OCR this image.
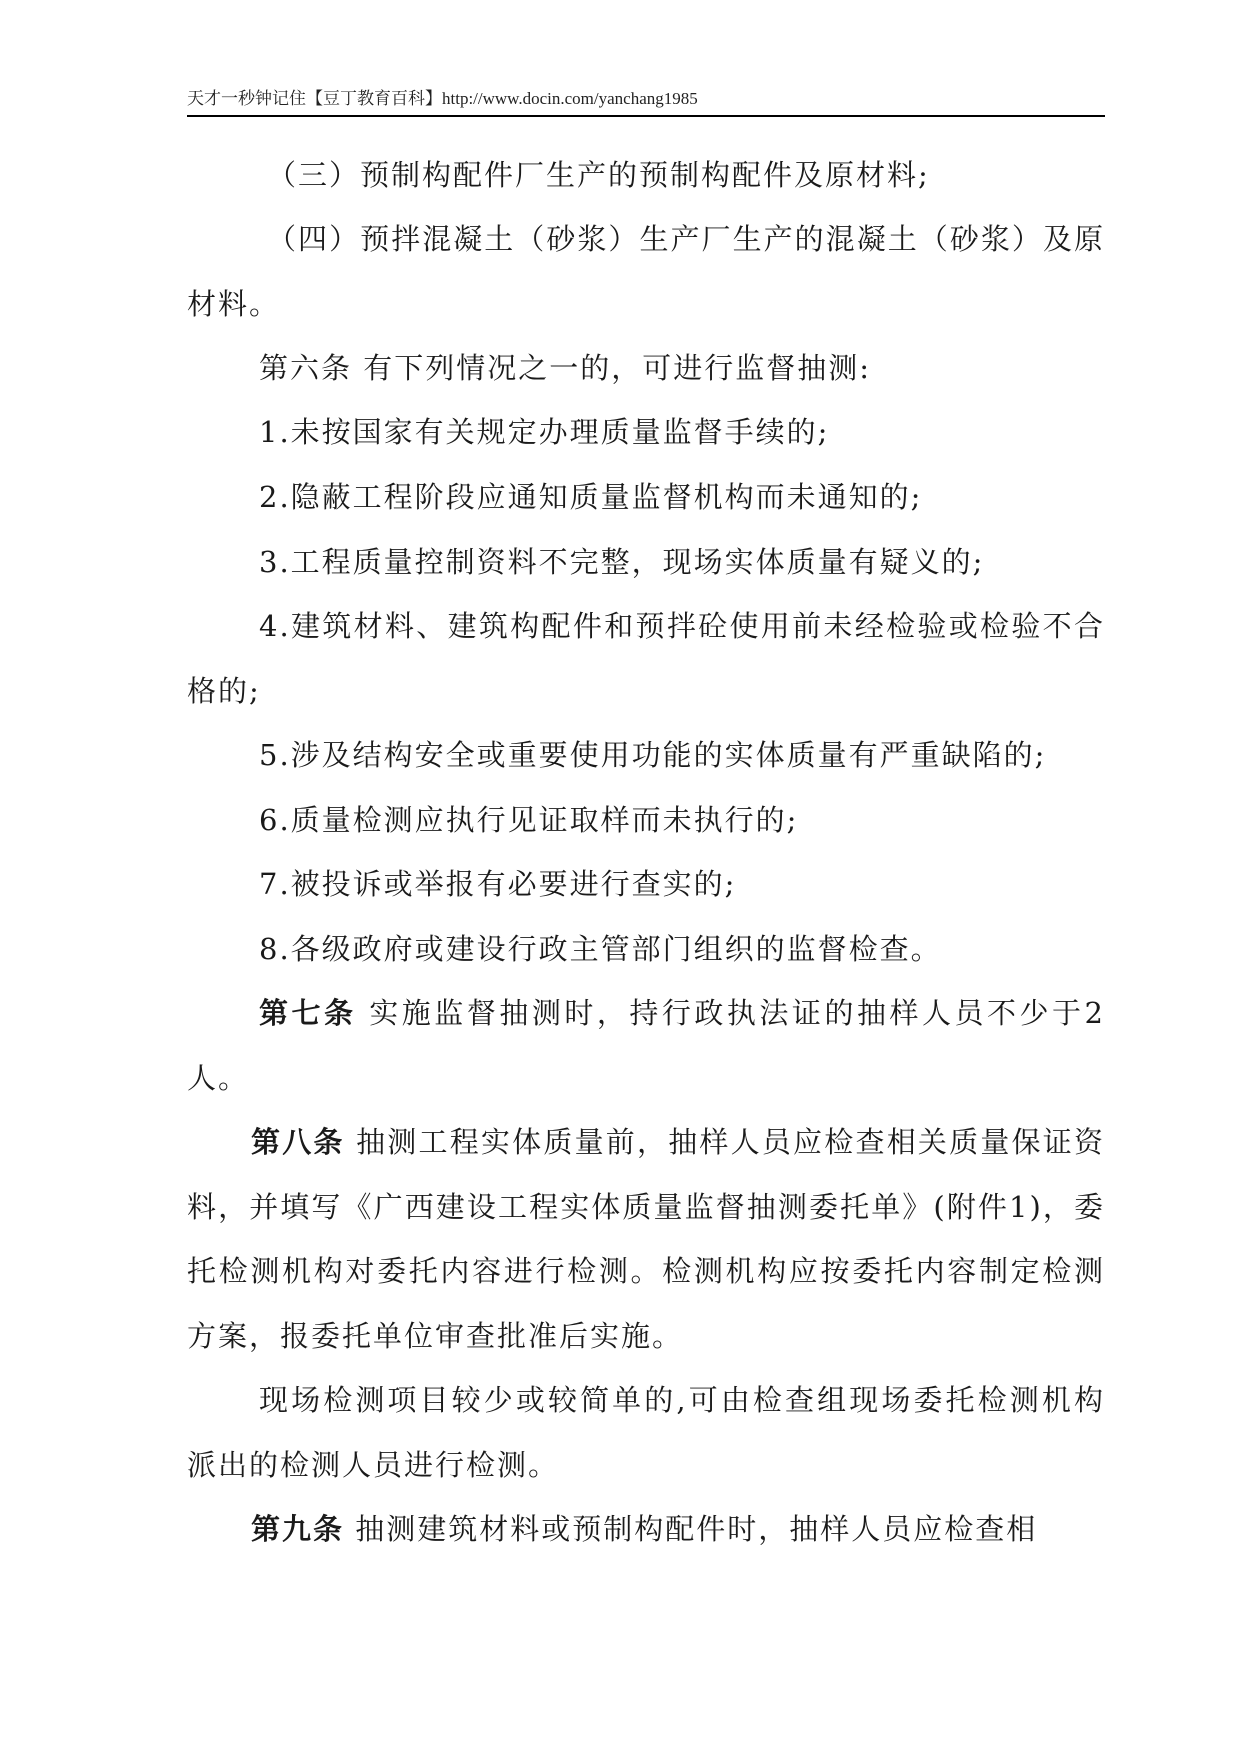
天才一秒钟记住【豆丁教育百科】http://www.docin.com/yanchang1985

（三）预制构配件厂生产的预制构配件及原材料;

（四）预拌混凝土（砂浆）生产厂生产的混凝土（砂浆）及原材料。

第六条 有下列情况之一的，可进行监督抽测:

1.未按国家有关规定办理质量监督手续的;

2.隐蔽工程阶段应通知质量监督机构而未通知的;

3.工程质量控制资料不完整，现场实体质量有疑义的;

4.建筑材料、建筑构配件和预拌砼使用前未经检验或检验不合格的;

5.涉及结构安全或重要使用功能的实体质量有严重缺陷的;

6.质量检测应执行见证取样而未执行的;

7.被投诉或举报有必要进行查实的;

8.各级政府或建设行政主管部门组织的监督检查。

第七条 实施监督抽测时，持行政执法证的抽样人员不少于2人。

第八条 抽测工程实体质量前，抽样人员应检查相关质量保证资料，并填写《广西建设工程实体质量监督抽测委托单》(附件1)，委托检测机构对委托内容进行检测。检测机构应按委托内容制定检测方案，报委托单位审查批准后实施。

现场检测项目较少或较简单的,可由检查组现场委托检测机构派出的检测人员进行检测。

第九条 抽测建筑材料或预制构配件时，抽样人员应检查相
